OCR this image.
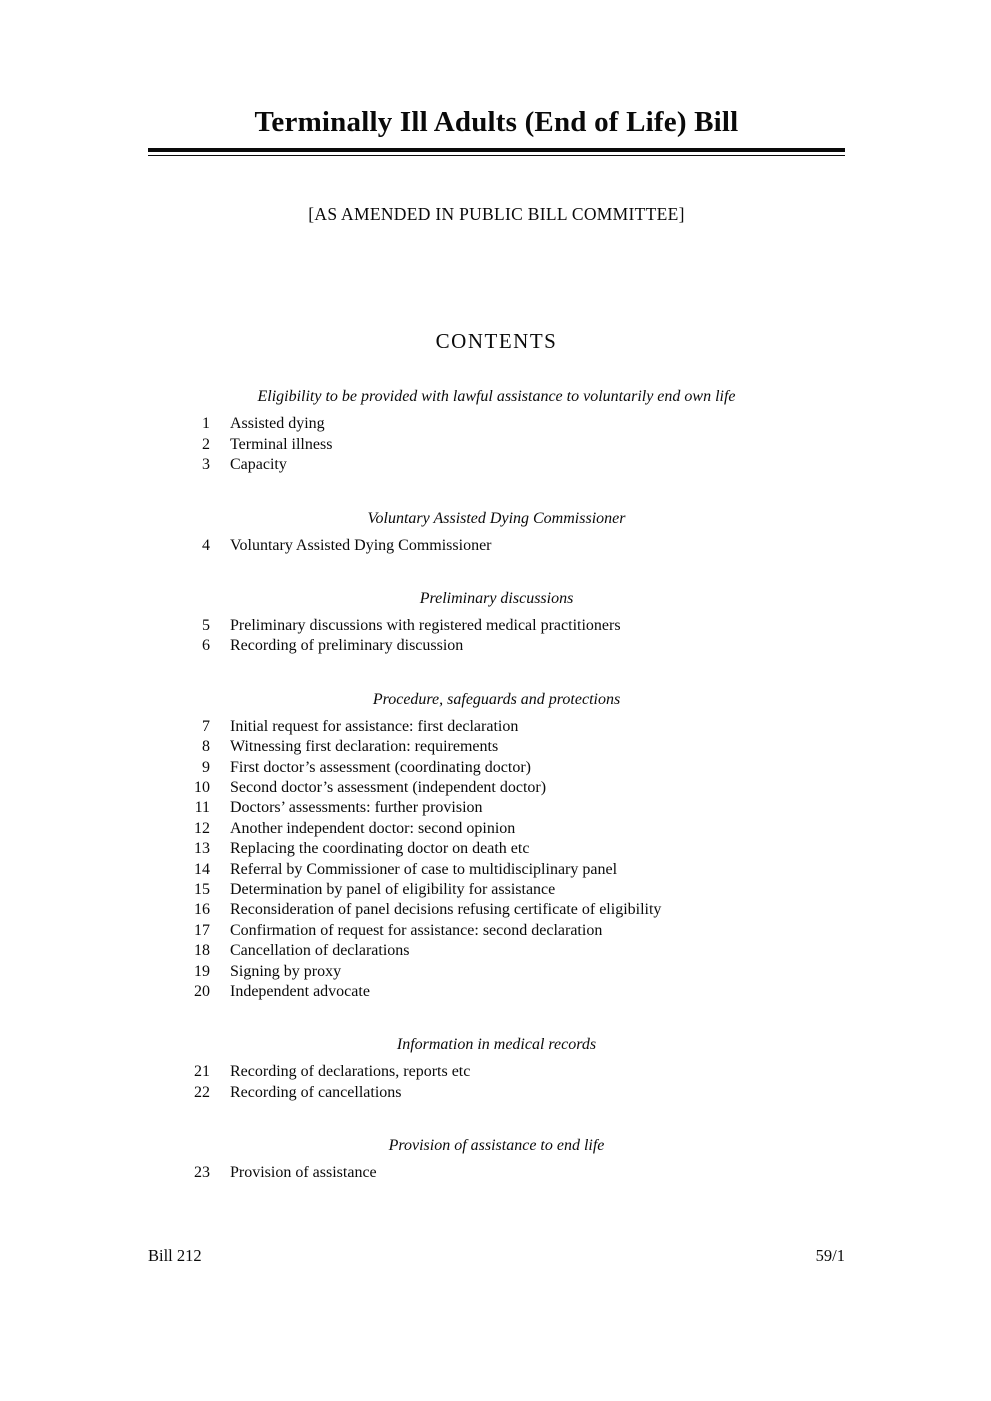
Terminally Ill Adults (End of Life) Bill
[AS AMENDED IN PUBLIC BILL COMMITTEE]
CONTENTS
Eligibility to be provided with lawful assistance to voluntarily end own life
1	Assisted dying
2	Terminal illness
3	Capacity
Voluntary Assisted Dying Commissioner
4	Voluntary Assisted Dying Commissioner
Preliminary discussions
5	Preliminary discussions with registered medical practitioners
6	Recording of preliminary discussion
Procedure, safeguards and protections
7	Initial request for assistance: first declaration
8	Witnessing first declaration: requirements
9	First doctor’s assessment (coordinating doctor)
10	Second doctor’s assessment (independent doctor)
11	Doctors’ assessments: further provision
12	Another independent doctor: second opinion
13	Replacing the coordinating doctor on death etc
14	Referral by Commissioner of case to multidisciplinary panel
15	Determination by panel of eligibility for assistance
16	Reconsideration of panel decisions refusing certificate of eligibility
17	Confirmation of request for assistance: second declaration
18	Cancellation of declarations
19	Signing by proxy
20	Independent advocate
Information in medical records
21	Recording of declarations, reports etc
22	Recording of cancellations
Provision of assistance to end life
23	Provision of assistance
Bill 212	59/1
